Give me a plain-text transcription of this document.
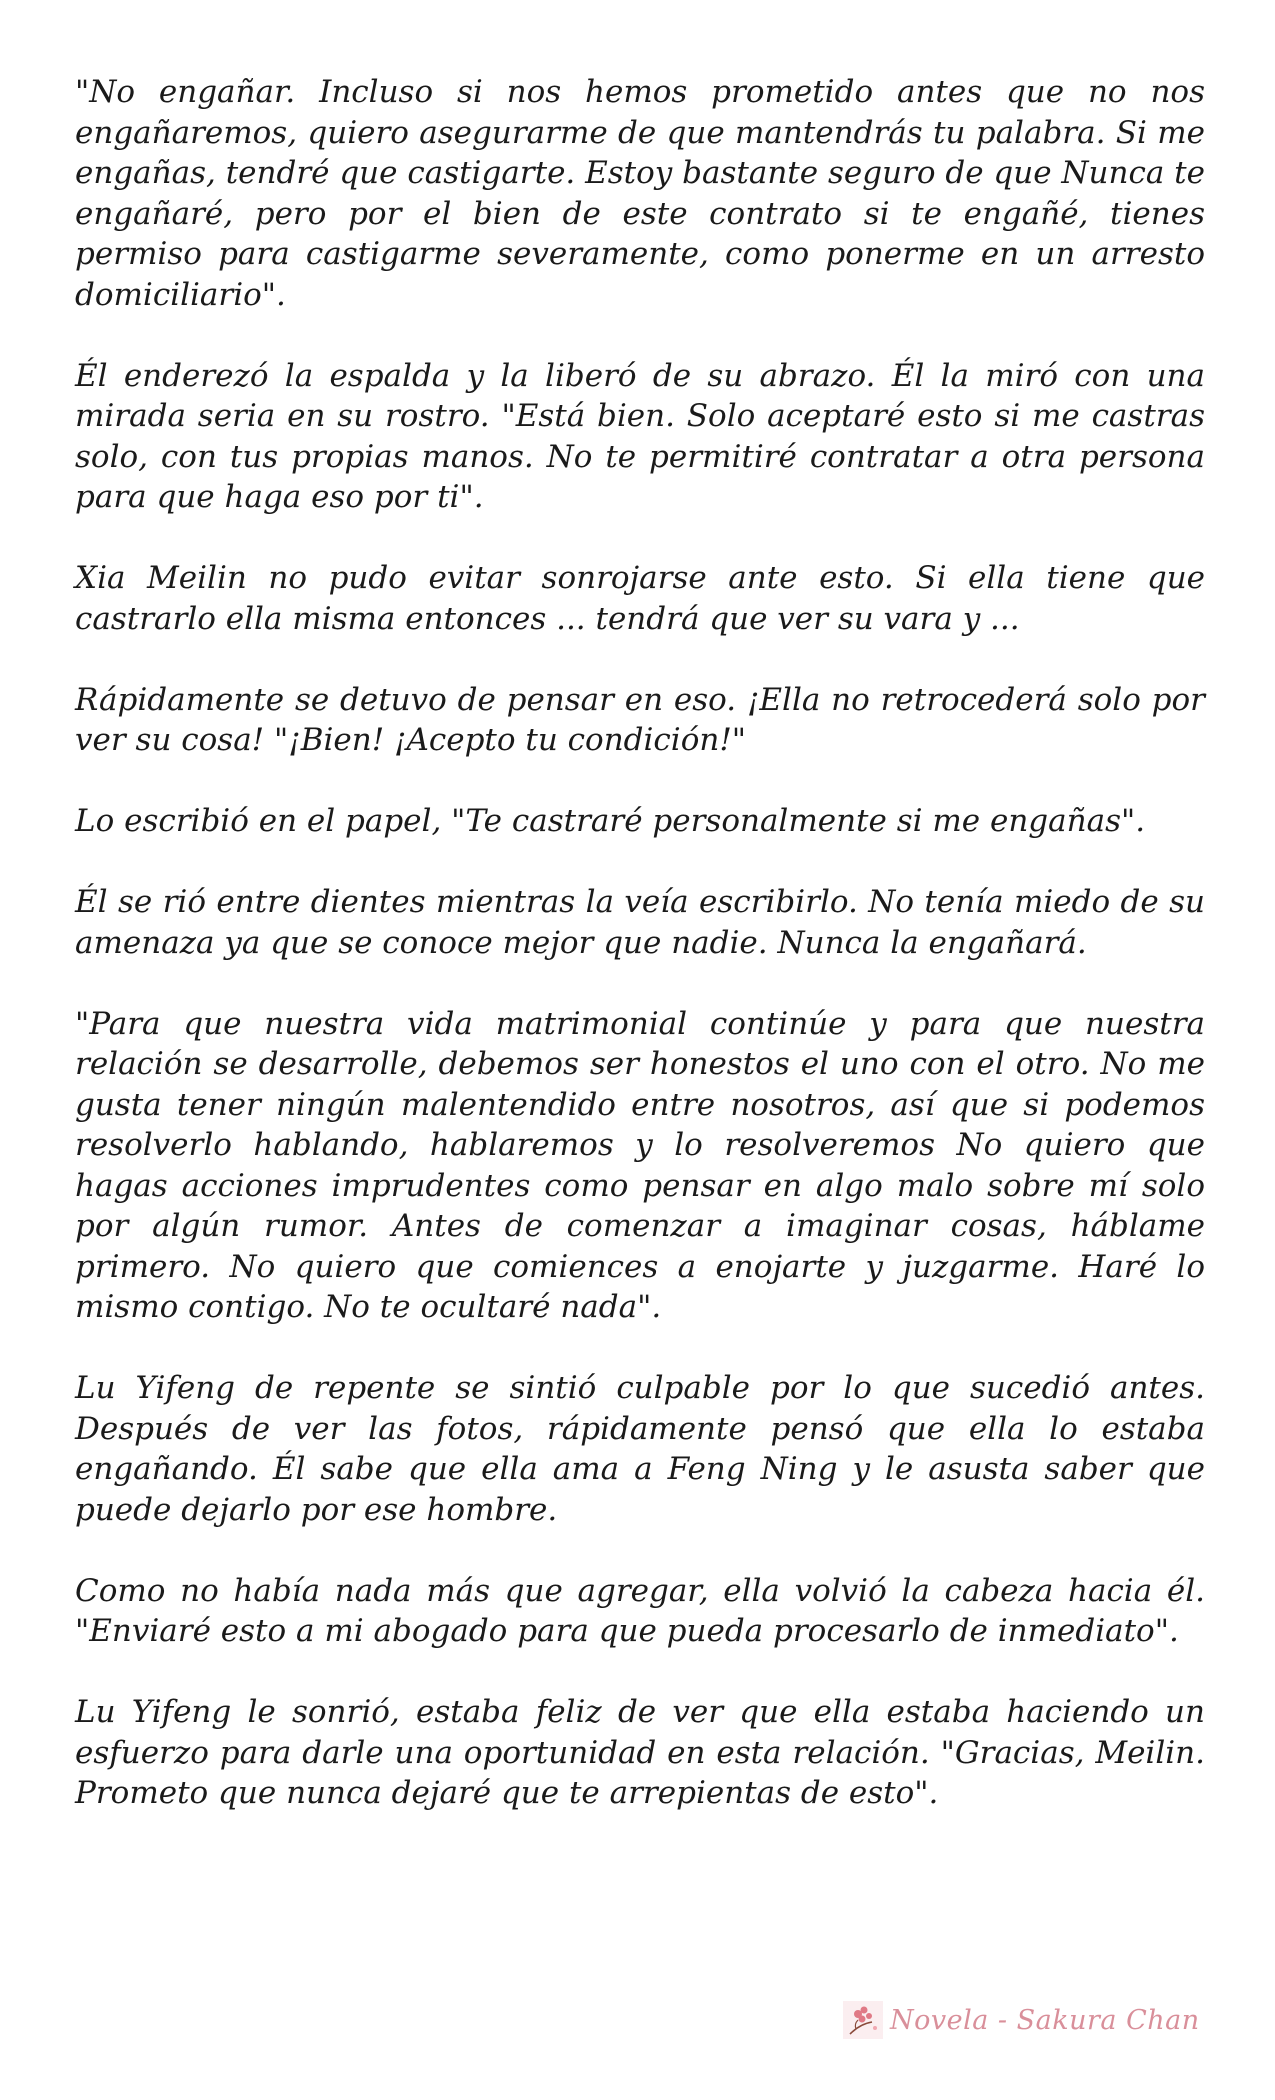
"No engañar. Incluso si nos hemos prometido antes que no nos engañaremos, quiero asegurarme de que mantendrás tu palabra. Si me engañas, tendré que castigarte. Estoy bastante seguro de que Nunca te engañaré, pero por el bien de este contrato si te engañé, tienes permiso para castigarme severamente, como ponerme en un arresto domiciliario".

Él enderezó la espalda y la liberó de su abrazo. Él la miró con una mirada seria en su rostro. "Está bien. Solo aceptaré esto si me castras solo, con tus propias manos. No te permitiré contratar a otra persona para que haga eso por ti".

Xia Meilin no pudo evitar sonrojarse ante esto. Si ella tiene que castrarlo ella misma entonces ... tendrá que ver su vara y ...

Rápidamente se detuvo de pensar en eso. ¡Ella no retrocederá solo por ver su cosa! "¡Bien! ¡Acepto tu condición!"

Lo escribió en el papel, "Te castraré personalmente si me engañas".

Él se rió entre dientes mientras la veía escribirlo. No tenía miedo de su amenaza ya que se conoce mejor que nadie. Nunca la engañará.

"Para que nuestra vida matrimonial continúe y para que nuestra relación se desarrolle, debemos ser honestos el uno con el otro. No me gusta tener ningún malentendido entre nosotros, así que si podemos resolverlo hablando, hablaremos y lo resolveremos No quiero que hagas acciones imprudentes como pensar en algo malo sobre mí solo por algún rumor. Antes de comenzar a imaginar cosas, háblame primero. No quiero que comiences a enojarte y juzgarme. Haré lo mismo contigo. No te ocultaré nada".

Lu Yifeng de repente se sintió culpable por lo que sucedió antes. Después de ver las fotos, rápidamente pensó que ella lo estaba engañando. Él sabe que ella ama a Feng Ning y le asusta saber que puede dejarlo por ese hombre.

Como no había nada más que agregar, ella volvió la cabeza hacia él. "Enviaré esto a mi abogado para que pueda procesarlo de inmediato".

Lu Yifeng le sonrió, estaba feliz de ver que ella estaba haciendo un esfuerzo para darle una oportunidad en esta relación. "Gracias, Meilin. Prometo que nunca dejaré que te arrepientas de esto".

Novela - Sakura Chan
